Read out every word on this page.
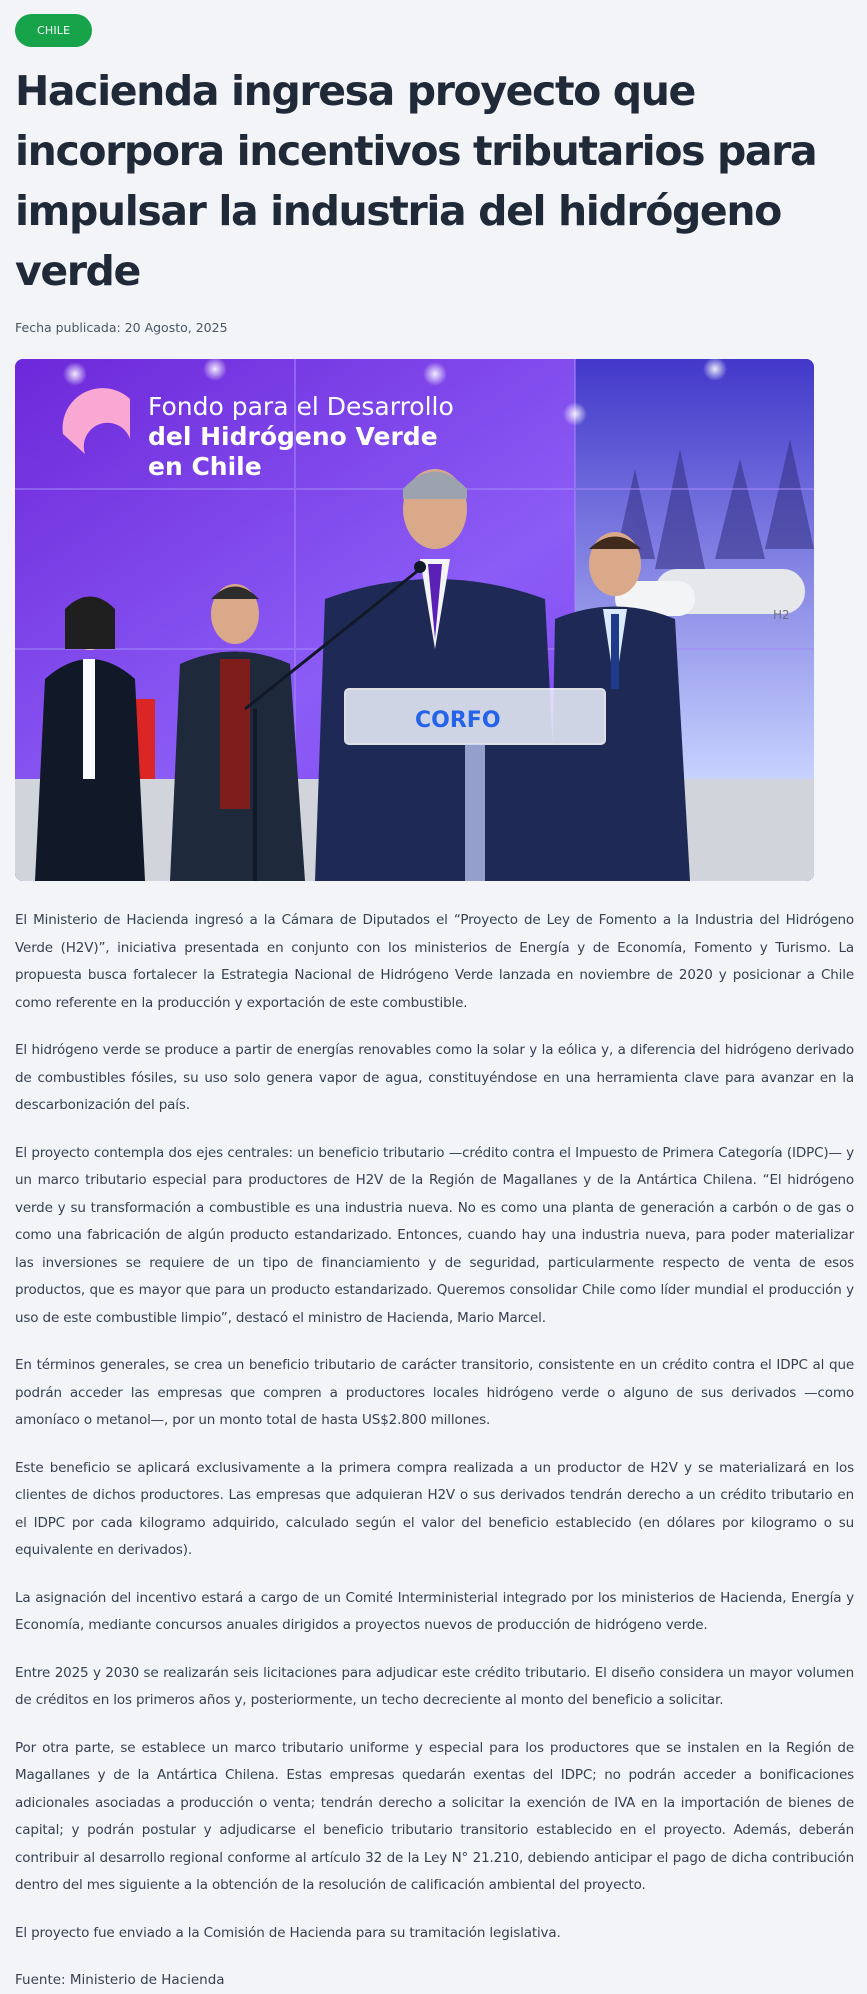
CHILE
Hacienda ingresa proyecto que incorpora incentivos tributarios para impulsar la industria del hidrógeno verde
Fecha publicada: 20 Agosto, 2025
Fondo para el Desarrollo
del Hidrógeno Verde
en Chile
H2
CORFO

El Ministerio de Hacienda ingresó a la Cámara de Diputados el “Proyecto de Ley de Fomento a la Industria del Hidrógeno Verde (H2V)”, iniciativa presentada en conjunto con los ministerios de Energía y de Economía, Fomento y Turismo. La propuesta busca fortalecer la Estrategia Nacional de Hidrógeno Verde lanzada en noviembre de 2020 y posicionar a Chile como referente en la producción y exportación de este combustible.

El hidrógeno verde se produce a partir de energías renovables como la solar y la eólica y, a diferencia del hidrógeno derivado de combustibles fósiles, su uso solo genera vapor de agua, constituyéndose en una herramienta clave para avanzar en la descarbonización del país.

El proyecto contempla dos ejes centrales: un beneficio tributario —crédito contra el Impuesto de Primera Categoría (IDPC)— y un marco tributario especial para productores de H2V de la Región de Magallanes y de la Antártica Chilena. “El hidrógeno verde y su transformación a combustible es una industria nueva. No es como una planta de generación a carbón o de gas o como una fabricación de algún producto estandarizado. Entonces, cuando hay una industria nueva, para poder materializar las inversiones se requiere de un tipo de financiamiento y de seguridad, particularmente respecto de venta de esos productos, que es mayor que para un producto estandarizado. Queremos consolidar Chile como líder mundial el producción y uso de este combustible limpio”, destacó el ministro de Hacienda, Mario Marcel.

En términos generales, se crea un beneficio tributario de carácter transitorio, consistente en un crédito contra el IDPC al que podrán acceder las empresas que compren a productores locales hidrógeno verde o alguno de sus derivados —como amoníaco o metanol—, por un monto total de hasta US$2.800 millones.

Este beneficio se aplicará exclusivamente a la primera compra realizada a un productor de H2V y se materializará en los clientes de dichos productores. Las empresas que adquieran H2V o sus derivados tendrán derecho a un crédito tributario en el IDPC por cada kilogramo adquirido, calculado según el valor del beneficio establecido (en dólares por kilogramo o su equivalente en derivados).

La asignación del incentivo estará a cargo de un Comité Interministerial integrado por los ministerios de Hacienda, Energía y Economía, mediante concursos anuales dirigidos a proyectos nuevos de producción de hidrógeno verde.

Entre 2025 y 2030 se realizarán seis licitaciones para adjudicar este crédito tributario. El diseño considera un mayor volumen de créditos en los primeros años y, posteriormente, un techo decreciente al monto del beneficio a solicitar.

Por otra parte, se establece un marco tributario uniforme y especial para los productores que se instalen en la Región de Magallanes y de la Antártica Chilena. Estas empresas quedarán exentas del IDPC; no podrán acceder a bonificaciones adicionales asociadas a producción o venta; tendrán derecho a solicitar la exención de IVA en la importación de bienes de capital; y podrán postular y adjudicarse el beneficio tributario transitorio establecido en el proyecto. Además, deberán contribuir al desarrollo regional conforme al artículo 32 de la Ley N° 21.210, debiendo anticipar el pago de dicha contribución dentro del mes siguiente a la obtención de la resolución de calificación ambiental del proyecto.

El proyecto fue enviado a la Comisión de Hacienda para su tramitación legislativa.

Fuente: Ministerio de Hacienda
